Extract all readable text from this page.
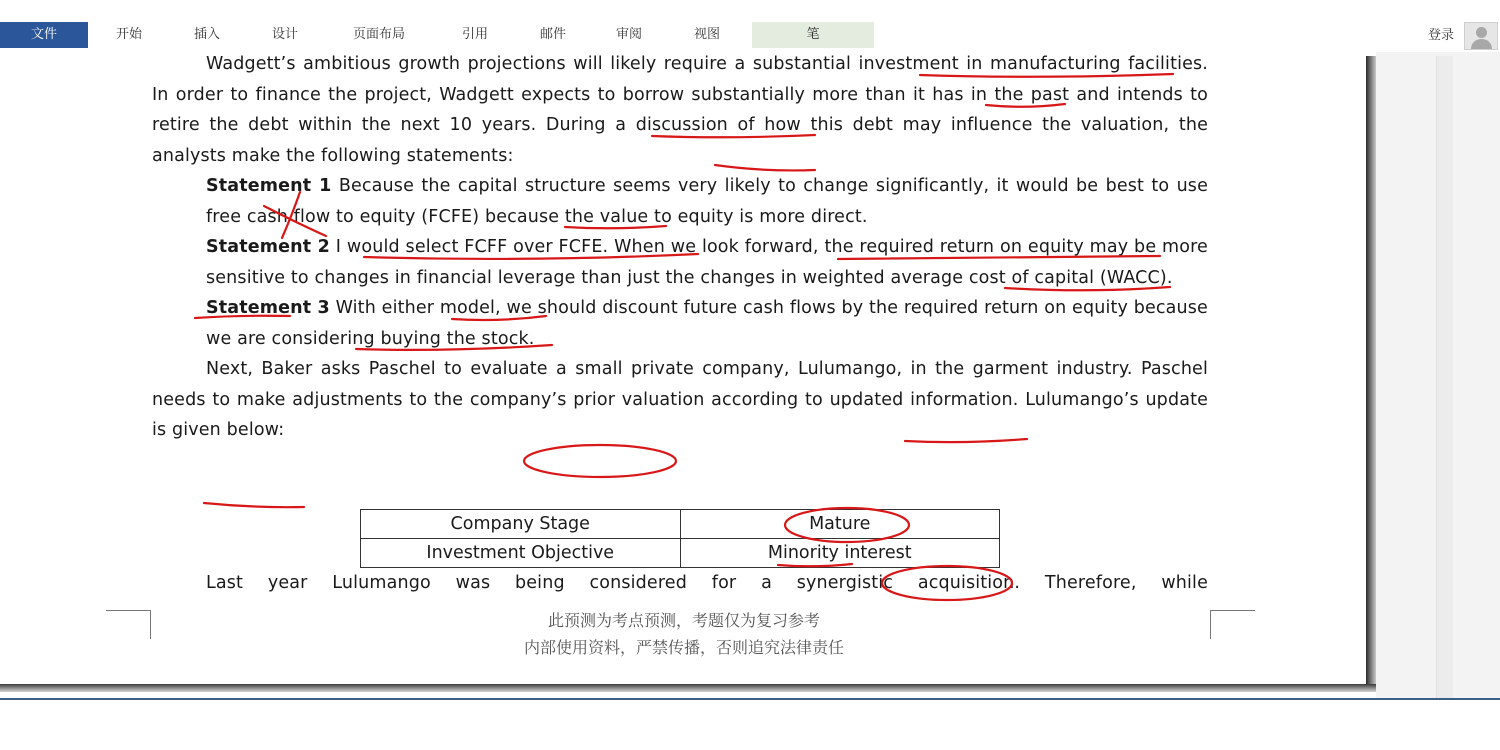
文件	开始	插入	设计	页面布局	引用	邮件	审阅	视图	笔	登录

Wadgett’s ambitious growth projections will likely require a substantial investment in manufacturing facilities. In order to finance the project, Wadgett expects to borrow substantially more than it has in the past and intends to retire the debt within the next 10 years. During a discussion of how this debt may influence the valuation, the analysts make the following statements:

Statement 1 Because the capital structure seems very likely to change significantly, it would be best to use free cash flow to equity (FCFE) because the value to equity is more direct.

Statement 2 I would select FCFF over FCFE. When we look forward, the required return on equity may be more sensitive to changes in financial leverage than just the changes in weighted average cost of capital (WACC).

Statement 3 With either model, we should discount future cash flows by the required return on equity because we are considering buying the stock.

Next, Baker asks Paschel to evaluate a small private company, Lulumango, in the garment industry. Paschel needs to make adjustments to the company’s prior valuation according to updated information. Lulumango’s update is given below:

Company Stage	Mature
Investment Objective	Minority interest

Last year Lulumango was being considered for a synergistic acquisition. Therefore, while

此预测为考点预测，考题仅为复习参考
内部使用资料，严禁传播，否则追究法律责任
